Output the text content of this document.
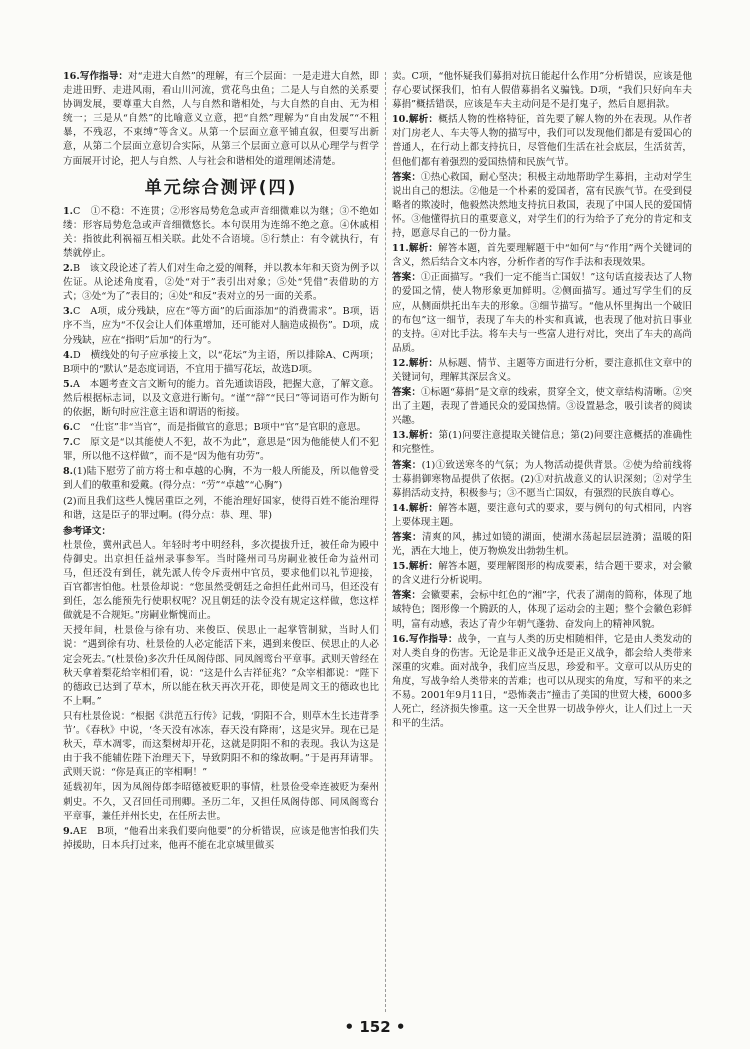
16.写作指导：对“走进大自然”的理解，有三个层面：一是走进大自然，即走进田野、走进风雨，看山川河流，赏花鸟虫鱼；二是人与自然的关系要协调发展，要尊重大自然，人与自然和谐相处，与大自然的自由、无为相统一；三是从“自然”的比喻意义立意，把“自然”理解为“自由发展”“不粗暴，不残忍，不束缚”等含义。从第一个层面立意平铺直叙，但要写出新意，从第二个层面立意切合实际，从第三个层面立意可以从心理学与哲学方面展开讨论，把人与自然、人与社会和谐相处的道理阐述清楚。

单元综合测评(四)

1.C　①不稳：不连贯；②形容局势危急或声音细微难以为继；③不绝如缕：形容局势危急或声音细微悠长。本句误用为连绵不绝之意。④休戚相关：指彼此利祸福互相关联。此处不合语境。⑤行禁止：有令就执行，有禁就停止。

2.B　该文段论述了若人们对生命之爱的阐释，并以教本年和天资为例予以佐证。从论述角度看，②处“对于”表引出对象；⑤处“凭借”表借助的方式；③处“为了”表目的；④处“和反”表对立的另一面的关系。

3.C　A项，成分残缺，应在“等方面”的后面添加“的消费需求”。B项，语序不当，应为“不仅会让人们体重增加，还可能对人脑造成损伤”。D项，成分残缺，应在“指明”后加“的行为”。

4.D　横线处的句子应承接上文，以“花坛”为主语，所以排除A、C两项；B项中的“默认”是态度词语，不宜用于描写花坛，故选D项。

5.A　本题考查文言文断句的能力。首先通读语段，把握大意，了解文意。然后根据标志词，以及文意进行断句。“谨”“辞”“民曰”等词语可作为断句的依据，断句时应注意主语和谓语的衔接。

6.C　“仕宦”非“当官”，而是指做官的意思；B项中“官”是官职的意思。

7.C　原文是“以其能使人不犯，故不为此”，意思是“因为他能使人们不犯罪，所以他不这样做”，而不是“因为他有功劳”。

8.(1)陆下慰劳了前方将士和卓越的心胸，不为一般人所能及，所以他曾受到人们的敬重和爱戴。(得分点：“劳”“卓越”“心胸”)

(2)而且我们这些人愧居重臣之列，不能治理好国家，使得百姓不能治理得和谐，这是臣子的罪过啊。(得分点：恭、理、罪)

参考译文：

杜景俭，冀州武邑人。年轻时考中明经科，多次提拔升迁，被任命为殿中侍御史。出京担任益州录事参军。当时隆州司马房嗣业被任命为益州司马，但还没有到任，就先派人传令斥责州中官员，要求他们以礼节迎接，百官都害怕他。杜景俭却说：“您虽然受朝廷之命担任此州司马，但还没有到任，怎么能预先行使职权呢？况且朝廷的法令没有规定这样做，您这样做就是不合规矩。”房嗣业惭愧而止。

天授年间，杜景俭与徐有功、来俊臣、侯思止一起掌管制狱，当时人们说：“遇到徐有功、杜景俭的人必定能活下来，遇到来俊臣、侯思止的人必定会死去。”(杜景俭)多次升任凤阁侍郎、同凤阁鸾台平章事。武则天曾经在秋天拿着梨花给宰相们看，说：“这是什么吉祥征兆？”众宰相都说：“陛下的德政已达到了草木，所以能在秋天再次开花，即使是周文王的德政也比不上啊。”

只有杜景俭说：“根据《洪范五行传》记载，‘阴阳不合，则草木生长违背季节’。《春秋》中说，‘冬天没有冰冻，春天没有降雨’，这是灾异。现在已是秋天，草木凋零，而这梨树却开花，这就是阴阳不和的表现。我认为这是由于我不能辅佐陛下治理天下，导致阴阳不和的缘故啊。”于是再拜请罪。武则天说：“你是真正的宰相啊！”

延载初年，因为凤阁侍郎李昭德被贬职的事情，杜景俭受牵连被贬为秦州刺史。不久，又召回任司刑卿。圣历二年，又担任凤阁侍郎、同凤阁鸾台平章事，兼任并州长史，在任所去世。

9.AE　B项，“他看出来我们要向他要”的分析错误，应该是他害怕我们失掉援助，日本兵打过来，他再不能在北京城里做买

卖。C项，“他怀疑我们募捐对抗日能起什么作用”分析错误，应该是他存心要试探我们，怕有人假借募捐名义骗钱。D项，“我们只好向车夫募捐”概括错误，应该是车夫主动问是不是打鬼子，然后自愿捐款。

10.解析：概括人物的性格特征，首先要了解人物的外在表现。从作者对门房老人、车夫等人物的描写中，我们可以发现他们都是有爱国心的普通人，在行动上都支持抗日，尽管他们生活在社会底层，生活贫苦，但他们都有着强烈的爱国热情和民族气节。

答案：①热心救国，耐心坚决；积极主动地帮助学生募捐，主动对学生说出自己的想法。②他是一个朴素的爱国者，富有民族气节。在受到侵略者的欺凌时，他毅然决然地支持抗日救国，表现了中国人民的爱国情怀。③他懂得抗日的重要意义，对学生们的行为给予了充分的肯定和支持，愿意尽自己的一份力量。

11.解析：解答本题，首先要理解题干中“如何”与“作用”两个关键词的含义，然后结合文本内容，分析作者的写作手法和表现效果。

答案：①正面描写。“我们一定不能当亡国奴！”这句话直接表达了人物的爱国之情，使人物形象更加鲜明。②侧面描写。通过写学生们的反应，从侧面烘托出车夫的形象。③细节描写。“他从怀里掏出一个破旧的布包”这一细节，表现了车夫的朴实和真诚，也表现了他对抗日事业的支持。④对比手法。将车夫与一些富人进行对比，突出了车夫的高尚品质。

12.解析：从标题、情节、主题等方面进行分析，要注意抓住文章中的关键词句，理解其深层含义。

答案：①标题“募捐”是文章的线索，贯穿全文，使文章结构清晰。②突出了主题，表现了普通民众的爱国热情。③设置悬念，吸引读者的阅读兴趣。

13.解析：第(1)问要注意提取关键信息；第(2)问要注意概括的准确性和完整性。

答案：(1)①致送寒冬的气氛；为人物活动提供背景。②使为给前线将士募捐御寒物品提供了依据。(2)①对抗战意义的认识深刻；②对学生募捐活动支持，积极参与；③不愿当亡国奴，有强烈的民族自尊心。

14.解析：解答本题，要注意句式的要求，要与例句的句式相同，内容上要体现主题。

答案：清爽的风，拂过如镜的湖面，使湖水荡起层层涟漪；温暖的阳光，洒在大地上，使万物焕发出勃勃生机。

15.解析：解答本题，要理解图形的构成要素，结合题干要求，对会徽的含义进行分析说明。

答案：会徽要素，会标中红色的“湘”字，代表了湖南的简称，体现了地域特色；图形像一个腾跃的人，体现了运动会的主题；整个会徽色彩鲜明，富有动感，表达了青少年朝气蓬勃、奋发向上的精神风貌。

16.写作指导：战争，一直与人类的历史相随相伴，它是由人类发动的对人类自身的伤害。无论是非正义战争还是正义战争，都会给人类带来深重的灾难。面对战争，我们应当反思，珍爱和平。文章可以从历史的角度，写战争给人类带来的苦难；也可以从现实的角度，写和平的来之不易。2001年9月11日，“恐怖袭击”撞击了美国的世贸大楼，6000多人死亡，经济损失惨重。这一天全世界一切战争停火，让人们过上一天和平的生活。

• 152 •
